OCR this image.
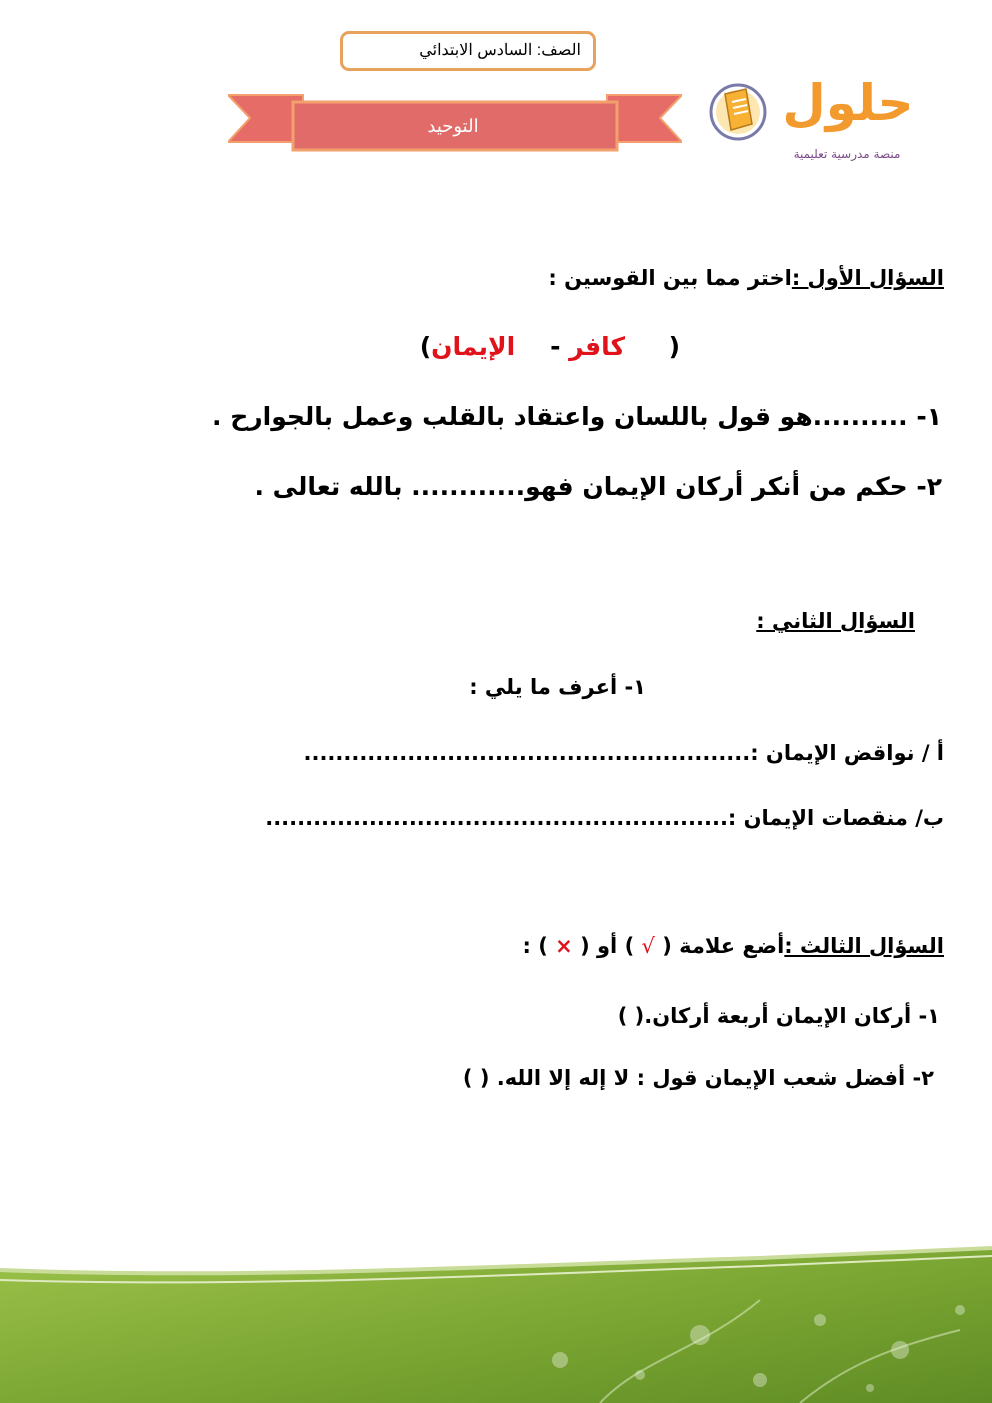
الصف: السادس الابتدائي
التوحيد	حلول
منصة مدرسية تعليمية
السؤال الأول :اختر مما بين القوسين :
(     كافر -    الإيمان)
١- ..........هو قول باللسان واعتقاد بالقلب وعمل بالجوارح .
٢- حكم من أنكر أركان الإيمان فهو............ بالله تعالى .
السؤال الثاني :
١- أعرف ما يلي :
أ / نواقض الإيمان :........................................................
ب/ منقصات الإيمان :..........................................................
السؤال الثالث :أضع علامة ( √ ) أو ( × ) :
١- أركان الإيمان أربعة أركان.( )
٢- أفضل شعب الإيمان قول : لا إله إلا الله. ( )
